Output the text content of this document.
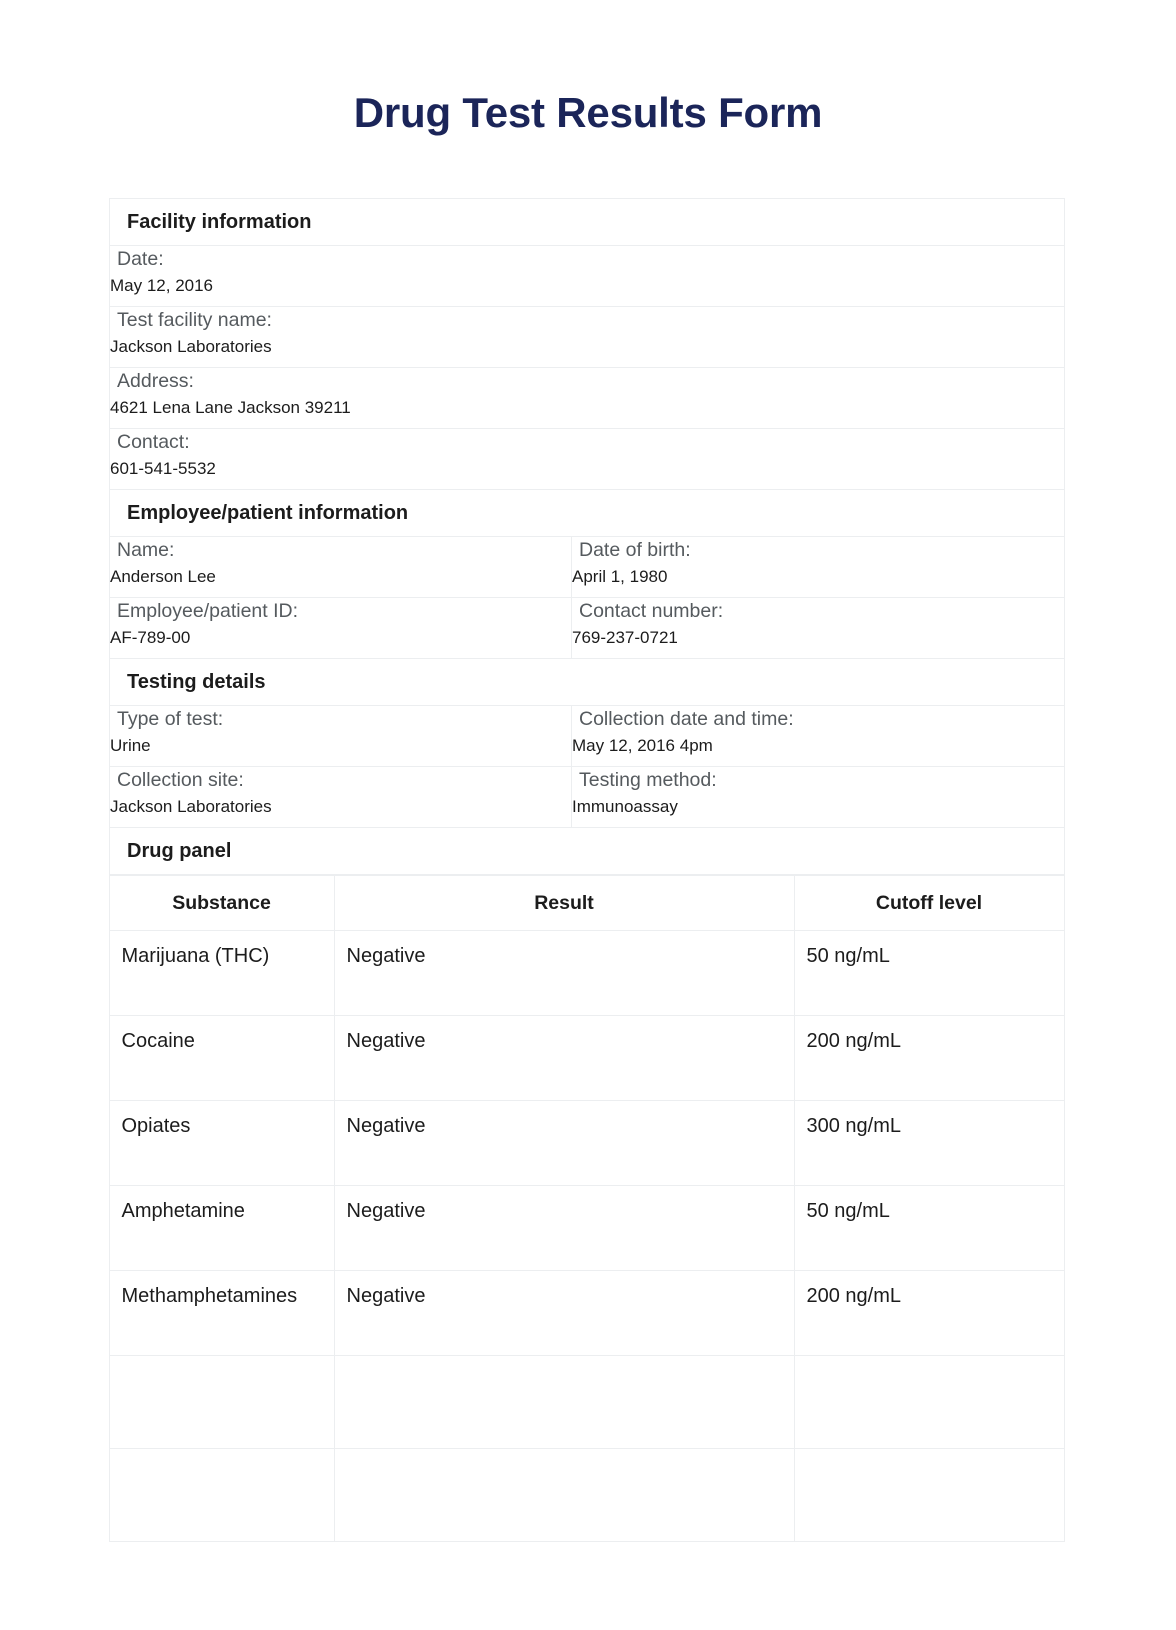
Drug Test Results Form
Facility information

Date:
May 12, 2016

Test facility name:
Jackson Laboratories

Address:
4621 Lena Lane Jackson 39211

Contact:
601-541-5532

Employee/patient information

Name:
Anderson Lee

Date of birth:
April 1, 1980

Employee/patient ID:
AF-789-00

Contact number:
769-237-0721

Testing details

Type of test:
Urine

Collection date and time:
May 12, 2016 4pm

Collection site:
Jackson Laboratories

Testing method:
Immunoassay

Drug panel

Substance	Result	Cutoff level
Marijuana (THC)	Negative	50 ng/mL
Cocaine	Negative	200 ng/mL
Opiates	Negative	300 ng/mL
Amphetamine	Negative	50 ng/mL
Methamphetamines	Negative	200 ng/mL
